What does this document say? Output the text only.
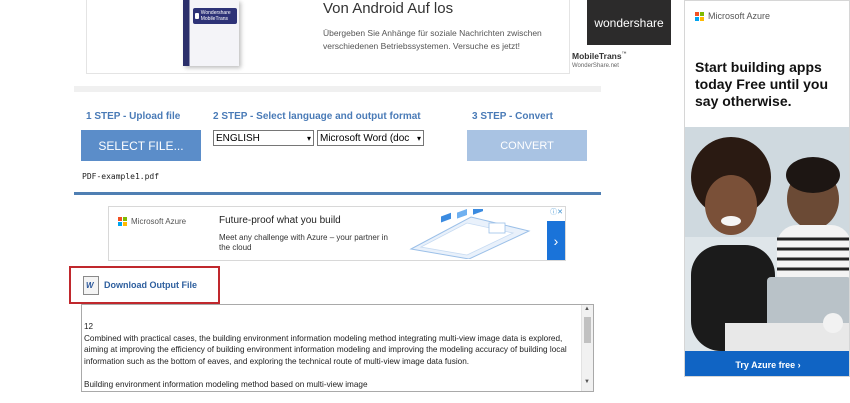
Wondershare MobileTrans
Von Android Auf los
Übergeben Sie Anhänge für soziale Nachrichten zwischen verschiedenen Betriebssystemen. Versuche es jetzt!
wondershare
MobileTrans™
WonderShare.net
1 STEP - Upload file	2 STEP - Select language and output format	3 STEP - Convert
SELECT FILE...
ENGLISH	▾ Microsoft Word (doc ▾
CONVERT
PDF-example1.pdf
Microsoft Azure	Future-proof what you build
Meet any challenge with Azure – your partner in the cloud
ⓘ✕
›
W Download Output File
12
Combined with practical cases, the building environment information modeling method integrating multi-view image data is explored, aiming at improving the efficiency of building environment information modeling and improving the modeling accuracy of building local information such as the bottom of eaves, and exploring the technical route of multi-view image data fusion.

Building environment information modeling method based on multi-view image
▲
▼
Microsoft Azure
Start building apps today Free until you say otherwise.
Try Azure free ›
